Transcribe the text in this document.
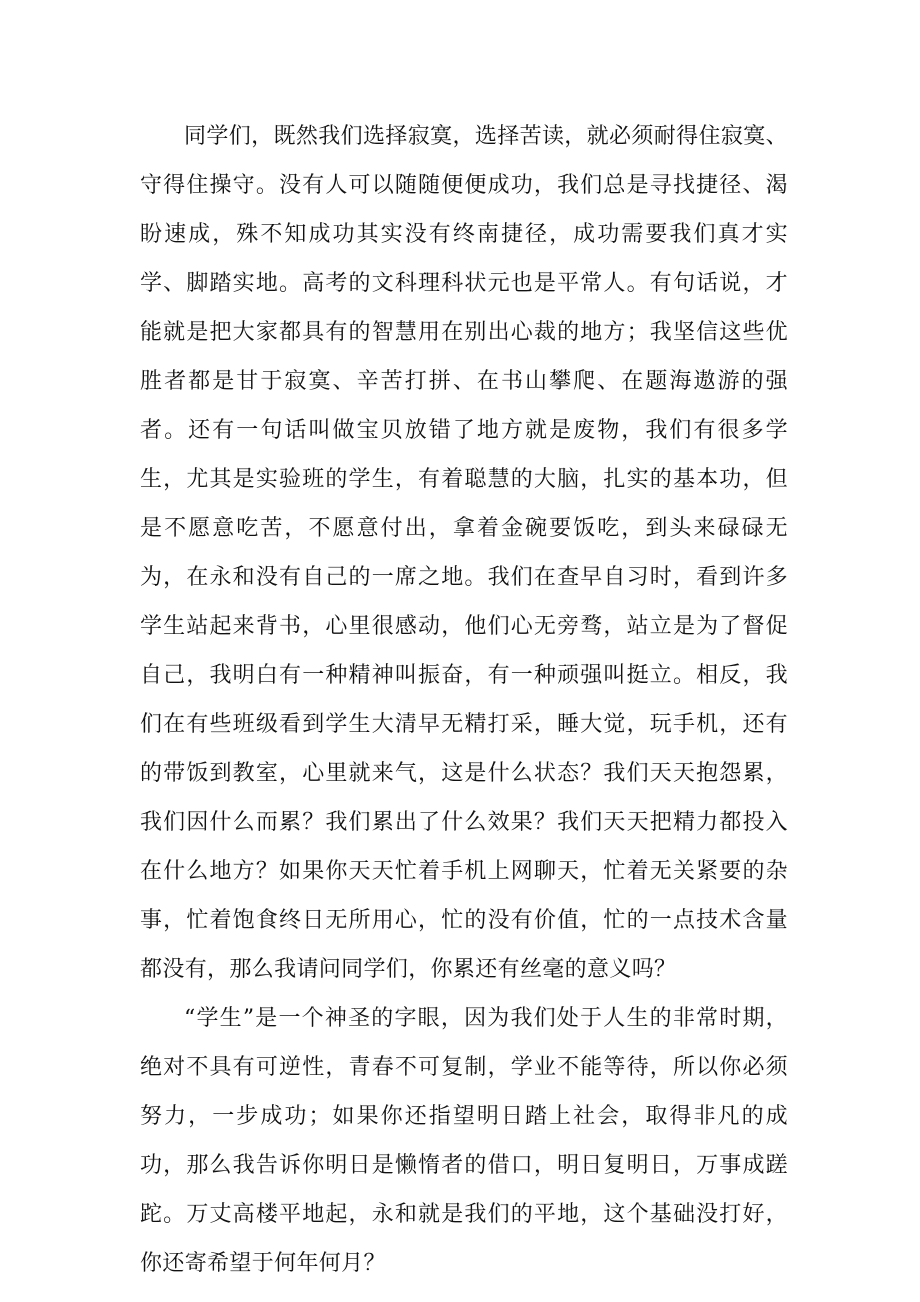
同学们，既然我们选择寂寞，选择苦读，就必须耐得住寂寞、守得住操守。没有人可以随随便便成功，我们总是寻找捷径、渴盼速成，殊不知成功其实没有终南捷径，成功需要我们真才实学、脚踏实地。高考的文科理科状元也是平常人。有句话说，才能就是把大家都具有的智慧用在别出心裁的地方；我坚信这些优胜者都是甘于寂寞、辛苦打拼、在书山攀爬、在题海遨游的强者。还有一句话叫做宝贝放错了地方就是废物，我们有很多学生，尤其是实验班的学生，有着聪慧的大脑，扎实的基本功，但是不愿意吃苦，不愿意付出，拿着金碗要饭吃，到头来碌碌无为，在永和没有自己的一席之地。我们在查早自习时，看到许多学生站起来背书，心里很感动，他们心无旁骛，站立是为了督促自己，我明白有一种精神叫振奋，有一种顽强叫挺立。相反，我们在有些班级看到学生大清早无精打采，睡大觉，玩手机，还有的带饭到教室，心里就来气，这是什么状态？我们天天抱怨累，我们因什么而累？我们累出了什么效果？我们天天把精力都投入在什么地方？如果你天天忙着手机上网聊天，忙着无关紧要的杂事，忙着饱食终日无所用心，忙的没有价值，忙的一点技术含量都没有，那么我请问同学们，你累还有丝毫的意义吗？

“学生”是一个神圣的字眼，因为我们处于人生的非常时期，绝对不具有可逆性，青春不可复制，学业不能等待，所以你必须努力，一步成功；如果你还指望明日踏上社会，取得非凡的成功，那么我告诉你明日是懒惰者的借口，明日复明日，万事成蹉跎。万丈高楼平地起，永和就是我们的平地，这个基础没打好，你还寄希望于何年何月？
